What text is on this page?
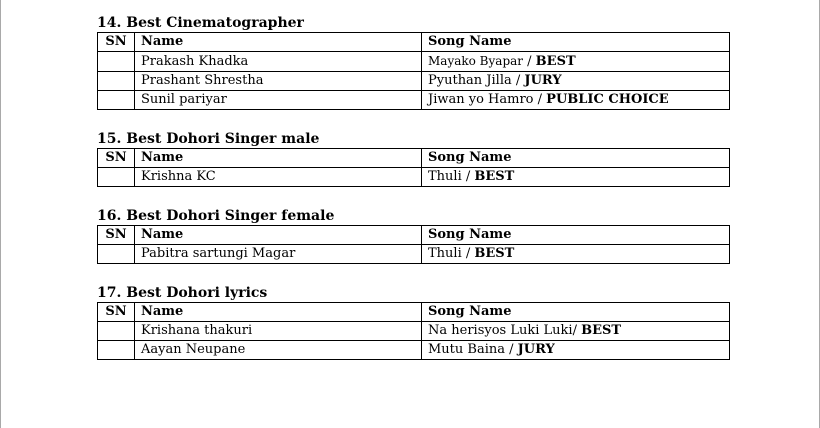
14. Best Cinematographer
SN	Name	Song Name
	Prakash Khadka	Mayako Byapar / BEST
	Prashant Shrestha	Pyuthan Jilla / JURY
	Sunil pariyar	Jiwan yo Hamro / PUBLIC CHOICE
15. Best Dohori Singer male
SN	Name	Song Name
	Krishna KC	Thuli / BEST
16. Best Dohori Singer female
SN	Name	Song Name
	Pabitra sartungi Magar	Thuli / BEST
17. Best Dohori lyrics
SN	Name	Song Name
	Krishana thakuri	Na herisyos Luki Luki/ BEST
	Aayan Neupane	Mutu Baina / JURY
